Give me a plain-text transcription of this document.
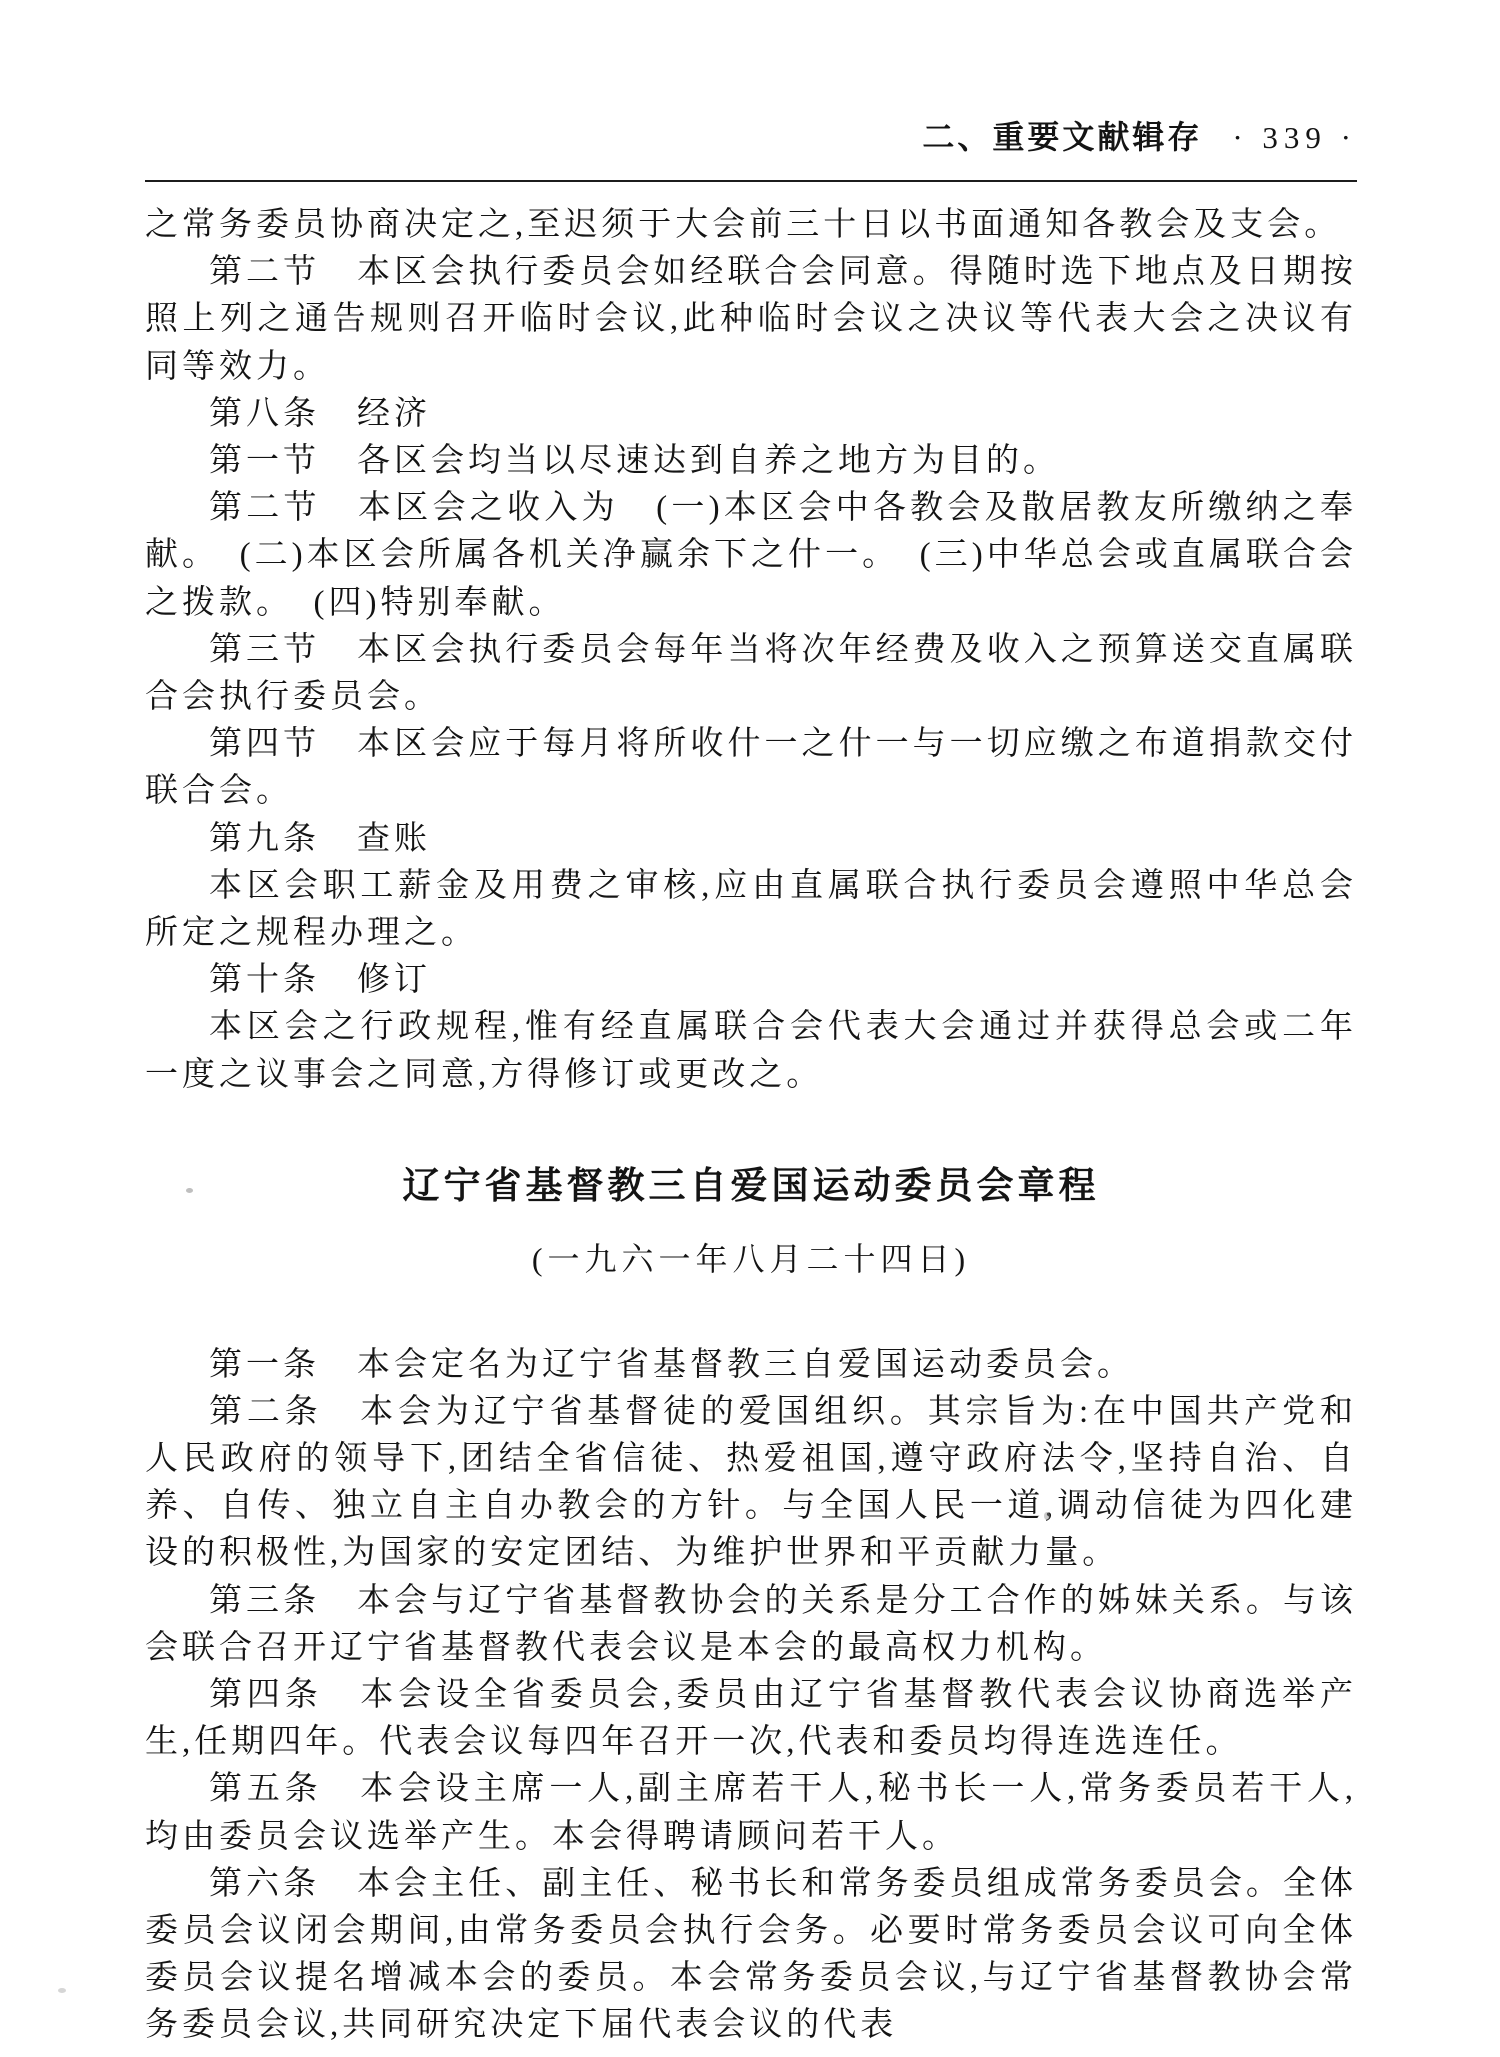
二、重要文献辑存 · 339 ·

之常务委员协商决定之,至迟须于大会前三十日以书面通知各教会及支会。

第二节　本区会执行委员会如经联合会同意。得随时选下地点及日期按照上列之通告规则召开临时会议,此种临时会议之决议等代表大会之决议有同等效力。

第八条　经济

第一节　各区会均当以尽速达到自养之地方为目的。

第二节　本区会之收入为　(一)本区会中各教会及散居教友所缴纳之奉献。　(二)本区会所属各机关净赢余下之什一。　(三)中华总会或直属联合会之拨款。　(四)特别奉献。

第三节　本区会执行委员会每年当将次年经费及收入之预算送交直属联合会执行委员会。

第四节　本区会应于每月将所收什一之什一与一切应缴之布道捐款交付联合会。

第九条　查账

本区会职工薪金及用费之审核,应由直属联合执行委员会遵照中华总会所定之规程办理之。

第十条　修订

本区会之行政规程,惟有经直属联合会代表大会通过并获得总会或二年一度之议事会之同意,方得修订或更改之。

辽宁省基督教三自爱国运动委员会章程
(一九六一年八月二十四日)

第一条　本会定名为辽宁省基督教三自爱国运动委员会。

第二条　本会为辽宁省基督徒的爱国组织。其宗旨为:在中国共产党和人民政府的领导下,团结全省信徒、热爱祖国,遵守政府法令,坚持自治、自养、自传、独立自主自办教会的方针。与全国人民一道,调动信徒为四化建设的积极性,为国家的安定团结、为维护世界和平贡献力量。

第三条　本会与辽宁省基督教协会的关系是分工合作的姊妹关系。与该会联合召开辽宁省基督教代表会议是本会的最高权力机构。

第四条　本会设全省委员会,委员由辽宁省基督教代表会议协商选举产生,任期四年。代表会议每四年召开一次,代表和委员均得连选连任。

第五条　本会设主席一人,副主席若干人,秘书长一人,常务委员若干人,均由委员会议选举产生。本会得聘请顾问若干人。

第六条　本会主任、副主任、秘书长和常务委员组成常务委员会。全体委员会议闭会期间,由常务委员会执行会务。必要时常务委员会议可向全体委员会议提名增减本会的委员。本会常务委员会议,与辽宁省基督教协会常务委员会议,共同研究决定下届代表会议的代表
